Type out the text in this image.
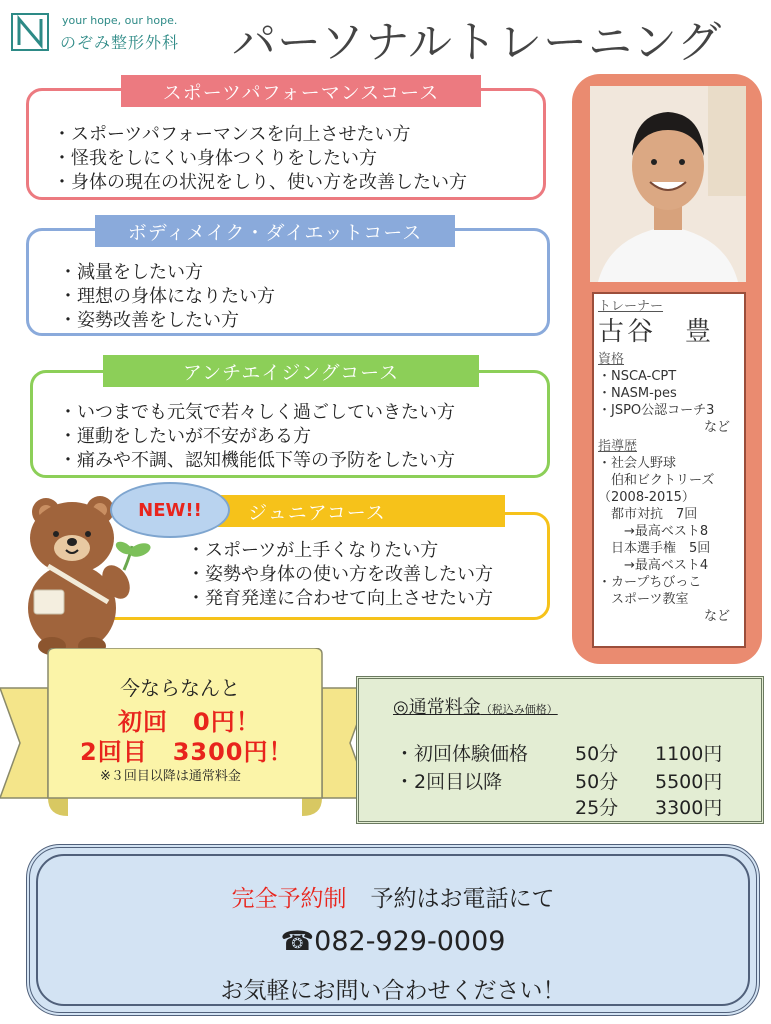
your hope, our hope.
のぞみ整形外科 パーソナルトレーニング
スポーツパフォーマンスコース
・ スポーツパフォーマンスを向上させたい方
・ 怪我をしにくい身体つくりをしたい方
・ 身体の現在の状況をしり、使い方を改善したい方
ボディメイク・ダイエットコース
・ 減量をしたい方
・ 理想の身体になりたい方
・ 姿勢改善をしたい方
アンチエイジングコース
・ いつまでも元気で若々しく過ごしていきたい方
・ 運動をしたいが不安がある方
・ 痛みや不調、認知機能低下等の予防をしたい方
ジュニアコース
・ スポーツが上手くなりたい方
・ 姿勢や身体の使い方を改善したい方
・ 発育発達に合わせて向上させたい方
NEW!!
トレーナー
古谷　豊
資格
・NSCA-CPT
・NASM-pes
・JSPO公認コーチ3
など
指導歴
・社会人野球
　伯和ビクトリーズ
（2008-2015）
　都市対抗　7回
　　→最高ベスト8
　日本選手権　5回
　　→最高ベスト4
・カープちびっこ
　スポーツ教室
など
今ならなんと
初回　0円！
2回目　3300円！
※３回目以降は通常料金
◎通常料金（税込み価格）
・初回体験価格 50分 1100円
・2回目以降	50分 5500円
25分 3300円
完全予約制 予約はお電話にて
☎082-929-0009
お気軽にお問い合わせください！
